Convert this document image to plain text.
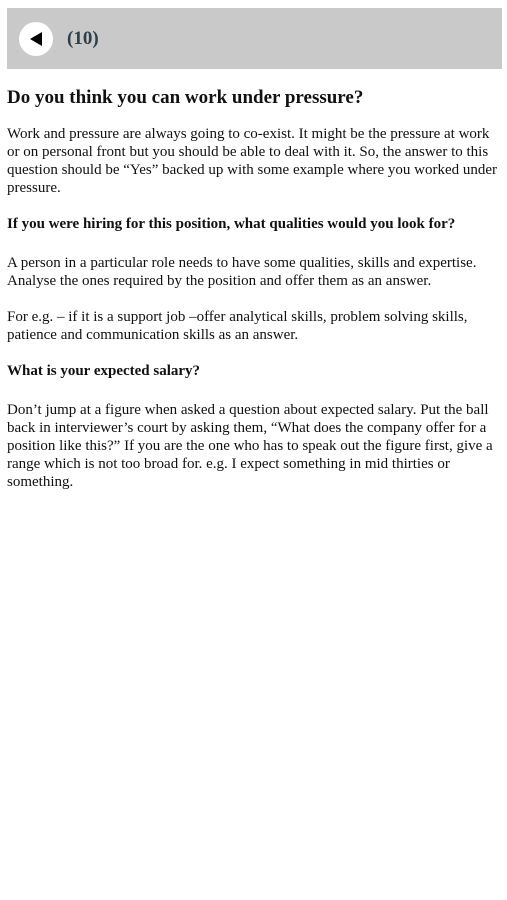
(10)
Do you think you can work under pressure?

Work and pressure are always going to co-exist. It might be the pressure at work or on personal front but you should be able to deal with it. So, the answer to this question should be “Yes” backed up with some example where you worked under pressure.

If you were hiring for this position, what qualities would you look for?

A person in a particular role needs to have some qualities, skills and expertise. Analyse the ones required by the position and offer them as an answer.

For e.g. – if it is a support job –offer analytical skills, problem solving skills, patience and communication skills as an answer.

What is your expected salary?

Don’t jump at a figure when asked a question about expected salary. Put the ball back in interviewer’s court by asking them, “What does the company offer for a position like this?” If you are the one who has to speak out the figure first, give a range which is not too broad for. e.g. I expect something in mid thirties or something.
